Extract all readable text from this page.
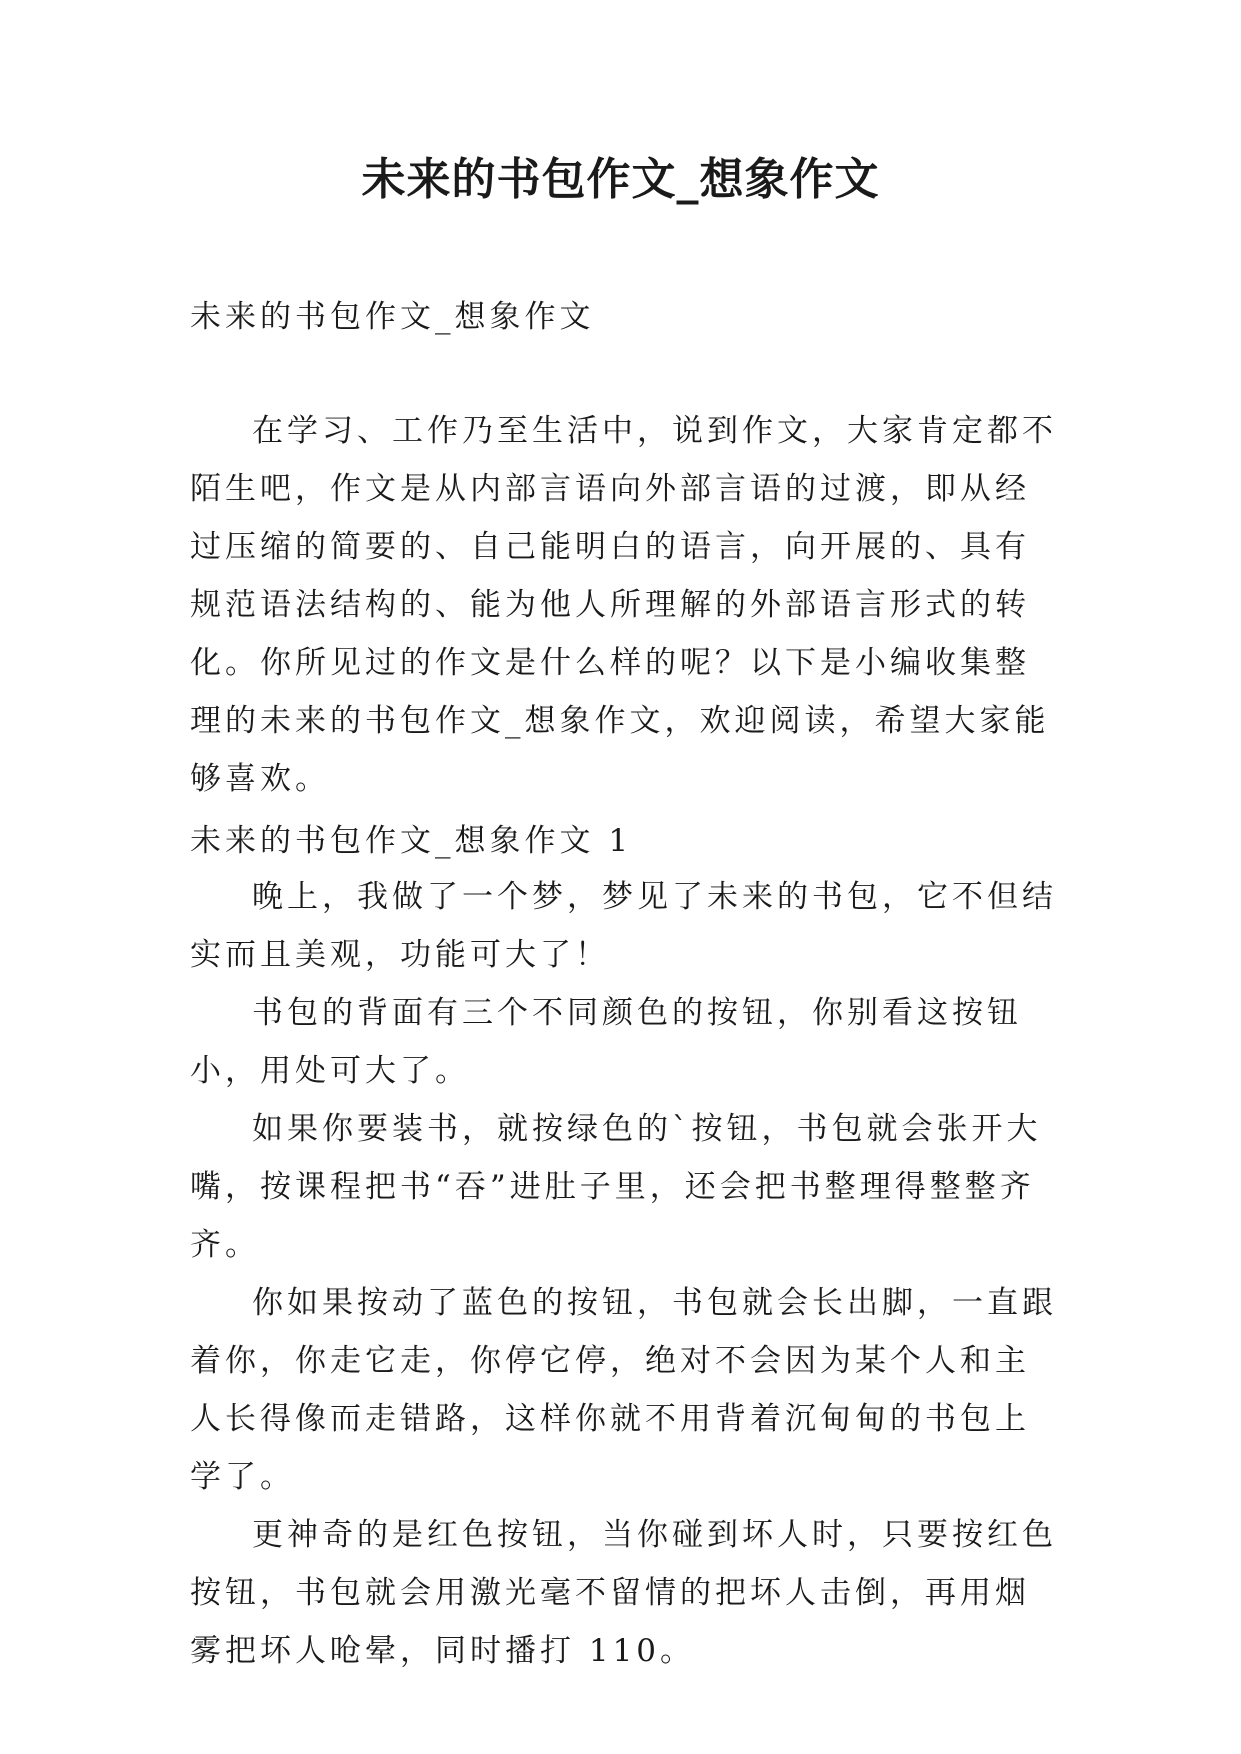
未来的书包作文_想象作文

未来的书包作文_想象作文

在学习、工作乃至生活中，说到作文，大家肯定都不陌生吧，作文是从内部言语向外部言语的过渡，即从经过压缩的简要的、自己能明白的语言，向开展的、具有规范语法结构的、能为他人所理解的外部语言形式的转化。你所见过的作文是什么样的呢？以下是小编收集整理的未来的书包作文_想象作文，欢迎阅读，希望大家能够喜欢。

未来的书包作文_想象作文 1

晚上，我做了一个梦，梦见了未来的书包，它不但结实而且美观，功能可大了！

书包的背面有三个不同颜色的按钮，你别看这按钮小，用处可大了。

如果你要装书，就按绿色的`按钮，书包就会张开大嘴，按课程把书“吞”进肚子里，还会把书整理得整整齐齐。

你如果按动了蓝色的按钮，书包就会长出脚，一直跟着你，你走它走，你停它停，绝对不会因为某个人和主人长得像而走错路，这样你就不用背着沉甸甸的书包上学了。

更神奇的是红色按钮，当你碰到坏人时，只要按红色按钮，书包就会用激光毫不留情的把坏人击倒，再用烟雾把坏人呛晕，同时播打 110。
